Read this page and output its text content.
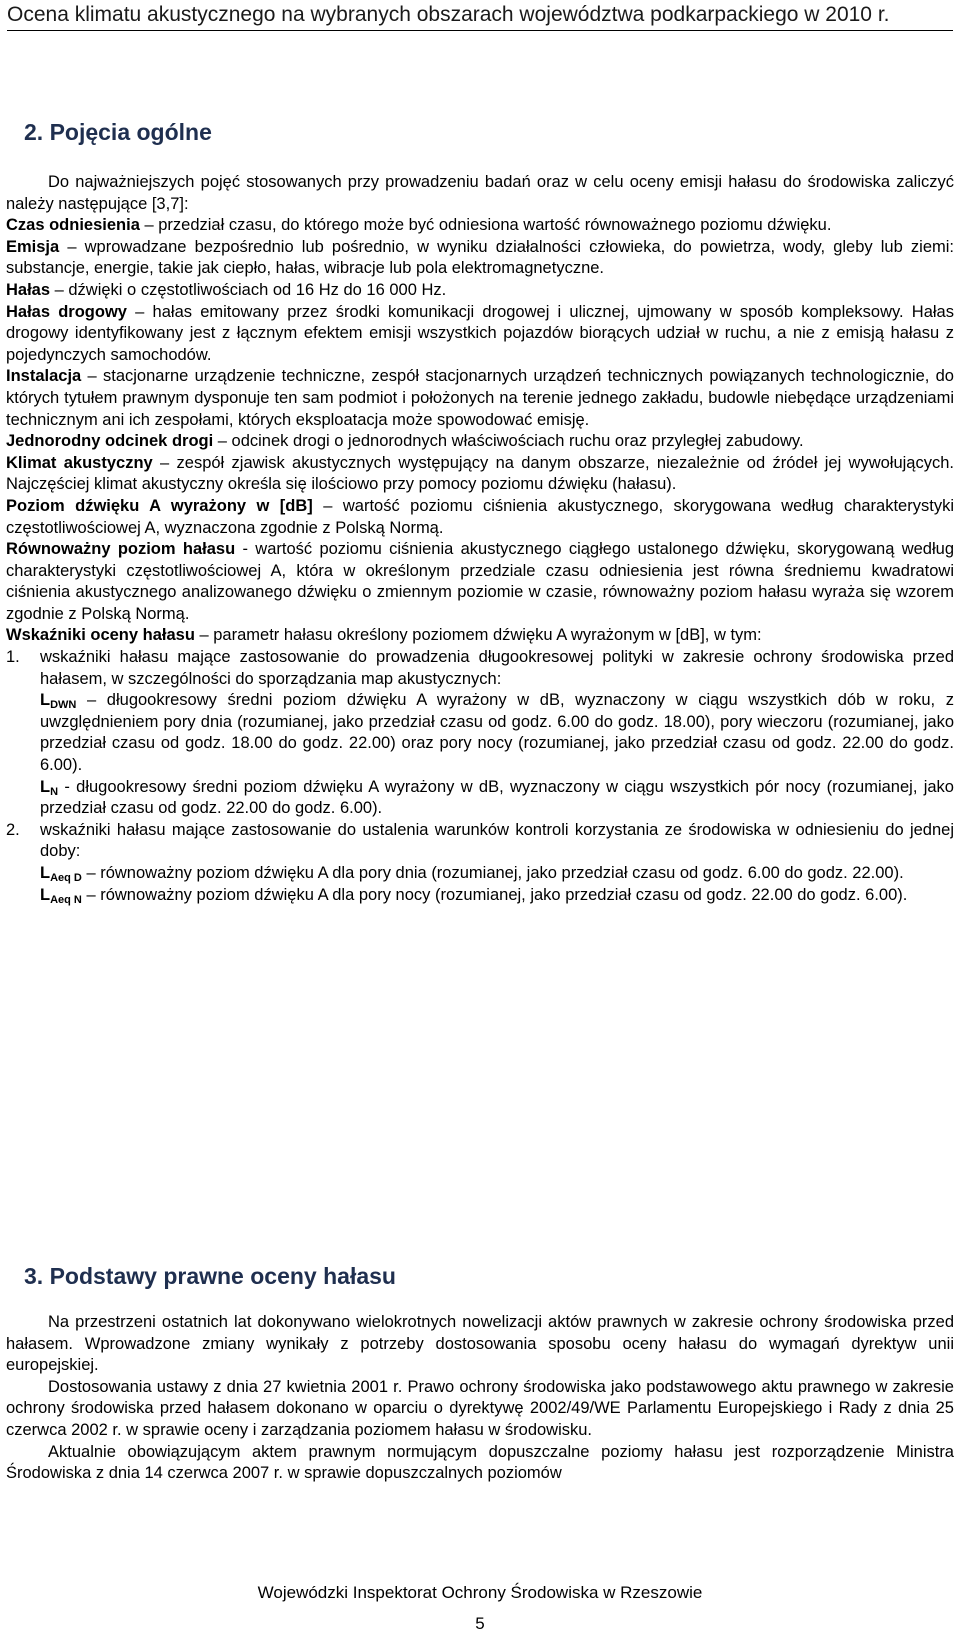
Ocena klimatu akustycznego na wybranych obszarach województwa podkarpackiego w 2010 r.
2. Pojęcia ogólne

Do najważniejszych pojęć stosowanych przy prowadzeniu badań oraz w celu oceny emisji hałasu do środowiska zaliczyć należy następujące [3,7]:

Czas odniesienia – przedział czasu, do którego może być odniesiona wartość równoważnego poziomu dźwięku.

Emisja – wprowadzane bezpośrednio lub pośrednio, w wyniku działalności człowieka, do powietrza, wody, gleby lub ziemi: substancje, energie, takie jak ciepło, hałas, wibracje lub pola elektromagnetyczne.

Hałas – dźwięki o częstotliwościach od 16 Hz do 16 000 Hz.

Hałas drogowy – hałas emitowany przez środki komunikacji drogowej i ulicznej, ujmowany w sposób kompleksowy. Hałas drogowy identyfikowany jest z łącznym efektem emisji wszystkich pojazdów biorących udział w ruchu, a nie z emisją hałasu z pojedynczych samochodów.

Instalacja – stacjonarne urządzenie techniczne, zespół stacjonarnych urządzeń technicznych powiązanych technologicznie, do których tytułem prawnym dysponuje ten sam podmiot i położonych na terenie jednego zakładu, budowle niebędące urządzeniami technicznym ani ich zespołami, których eksploatacja może spowodować emisję.

Jednorodny odcinek drogi – odcinek drogi o jednorodnych właściwościach ruchu oraz przyległej zabudowy.

Klimat akustyczny – zespół zjawisk akustycznych występujący na danym obszarze, niezależnie od źródeł jej wywołujących. Najczęściej klimat akustyczny określa się ilościowo przy pomocy poziomu dźwięku (hałasu).

Poziom dźwięku A wyrażony w [dB] – wartość poziomu ciśnienia akustycznego, skorygowana według charakterystyki częstotliwościowej A, wyznaczona zgodnie z Polską Normą.

Równoważny poziom hałasu - wartość poziomu ciśnienia akustycznego ciągłego ustalonego dźwięku, skorygowaną według charakterystyki częstotliwościowej A, która w określonym przedziale czasu odniesienia jest równa średniemu kwadratowi ciśnienia akustycznego analizowanego dźwięku o zmiennym poziomie w czasie, równoważny poziom hałasu wyraża się wzorem zgodnie z Polską Normą.

Wskaźniki oceny hałasu – parametr hałasu określony poziomem dźwięku A wyrażonym w [dB], w tym:

1.	wskaźniki hałasu mające zastosowanie do prowadzenia długookresowej polityki w zakresie ochrony środowiska przed hałasem, w szczególności do sporządzania map akustycznych:
$L_{DWN}$ – długookresowy średni poziom dźwięku A wyrażony w dB, wyznaczony w ciągu wszystkich dób w roku, z uwzględnieniem pory dnia (rozumianej, jako przedział czasu od godz. 6.00 do godz. 18.00), pory wieczoru (rozumianej, jako przedział czasu od godz. 18.00 do godz. 22.00) oraz pory nocy (rozumianej, jako przedział czasu od godz. 22.00 do godz. 6.00).
$L_N$ - długookresowy średni poziom dźwięku A wyrażony w dB, wyznaczony w ciągu wszystkich pór nocy (rozumianej, jako przedział czasu od godz. 22.00 do godz. 6.00).
2.	wskaźniki hałasu mające zastosowanie do ustalenia warunków kontroli korzystania ze środowiska w odniesieniu do jednej doby:
$L_{Aeq D}$ – równoważny poziom dźwięku A dla pory dnia (rozumianej, jako przedział czasu od godz. 6.00 do godz. 22.00).
$L_{Aeq N}$ – równoważny poziom dźwięku A dla pory nocy (rozumianej, jako przedział czasu od godz. 22.00 do godz. 6.00).
3. Podstawy prawne oceny hałasu

Na przestrzeni ostatnich lat dokonywano wielokrotnych nowelizacji aktów prawnych w zakresie ochrony środowiska przed hałasem. Wprowadzone zmiany wynikały z potrzeby dostosowania sposobu oceny hałasu do wymagań dyrektyw unii europejskiej.

Dostosowania ustawy z dnia 27 kwietnia 2001 r. Prawo ochrony środowiska jako podstawowego aktu prawnego w zakresie ochrony środowiska przed hałasem dokonano w oparciu o dyrektywę 2002/49/WE Parlamentu Europejskiego i Rady z dnia 25 czerwca 2002 r. w sprawie oceny i zarządzania poziomem hałasu w środowisku.

Aktualnie obowiązującym aktem prawnym normującym dopuszczalne poziomy hałasu jest rozporządzenie Ministra Środowiska z dnia 14 czerwca 2007 r. w sprawie dopuszczalnych poziomów

Wojewódzki Inspektorat Ochrony Środowiska w Rzeszowie
5
